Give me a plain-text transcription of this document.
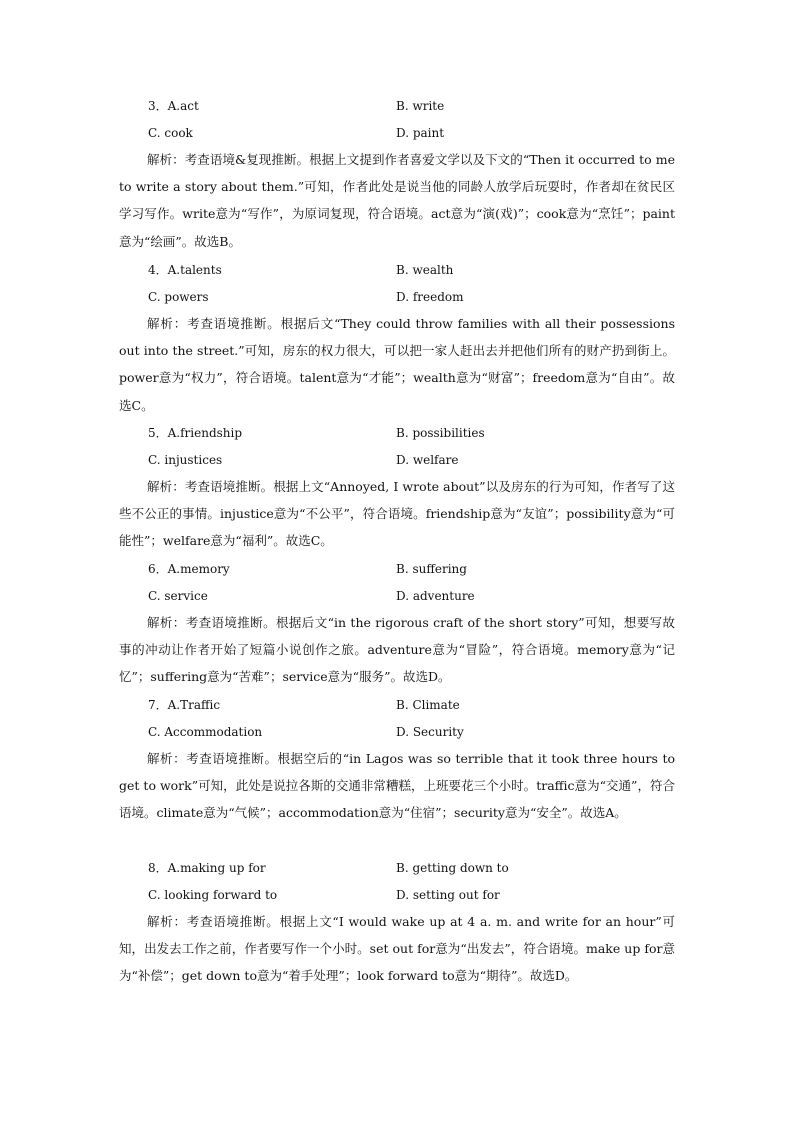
3．A.act	B. write
C. cook	D. paint
解析：考查语境&复现推断。根据上文提到作者喜爱文学以及下文的“Then it occurred to me to write a story about them.”可知，作者此处是说当他的同龄人放学后玩耍时，作者却在贫民区学习写作。write意为“写作”，为原词复现，符合语境。act意为“演(戏)”；cook意为“烹饪”；paint意为“绘画”。故选B。
4．A.talents	B. wealth
C. powers	D. freedom
解析：考查语境推断。根据后文“They could throw families with all their possessions out into the street.”可知，房东的权力很大，可以把一家人赶出去并把他们所有的财产扔到街上。power意为“权力”，符合语境。talent意为“才能”；wealth意为“财富”；freedom意为“自由”。故选C。
5．A.friendship	B. possibilities
C. injustices	D. welfare
解析：考查语境推断。根据上文“Annoyed, I wrote about”以及房东的行为可知，作者写了这些不公正的事情。injustice意为“不公平”，符合语境。friendship意为“友谊”；possibility意为“可能性”；welfare意为“福利”。故选C。
6．A.memory	B. suffering
C. service	D. adventure
解析：考查语境推断。根据后文“in the rigorous craft of the short story”可知，想要写故事的冲动让作者开始了短篇小说创作之旅。adventure意为“冒险”，符合语境。memory意为“记忆”；suffering意为“苦难”；service意为“服务”。故选D。
7．A.Traffic	B. Climate
C. Accommodation	D. Security
解析：考查语境推断。根据空后的“in Lagos was so terrible that it took three hours to get to work”可知，此处是说拉各斯的交通非常糟糕，上班要花三个小时。traffic意为“交通”，符合语境。climate意为“气候”；accommodation意为“住宿”；security意为“安全”。故选A。
8．A.making up for	B. getting down to
C. looking forward to	D. setting out for
解析：考查语境推断。根据上文“I would wake up at 4 a. m. and write for an hour”可知，出发去工作之前，作者要写作一个小时。set out for意为“出发去”，符合语境。make up for意为“补偿”；get down to意为“着手处理”；look forward to意为“期待”。故选D。
